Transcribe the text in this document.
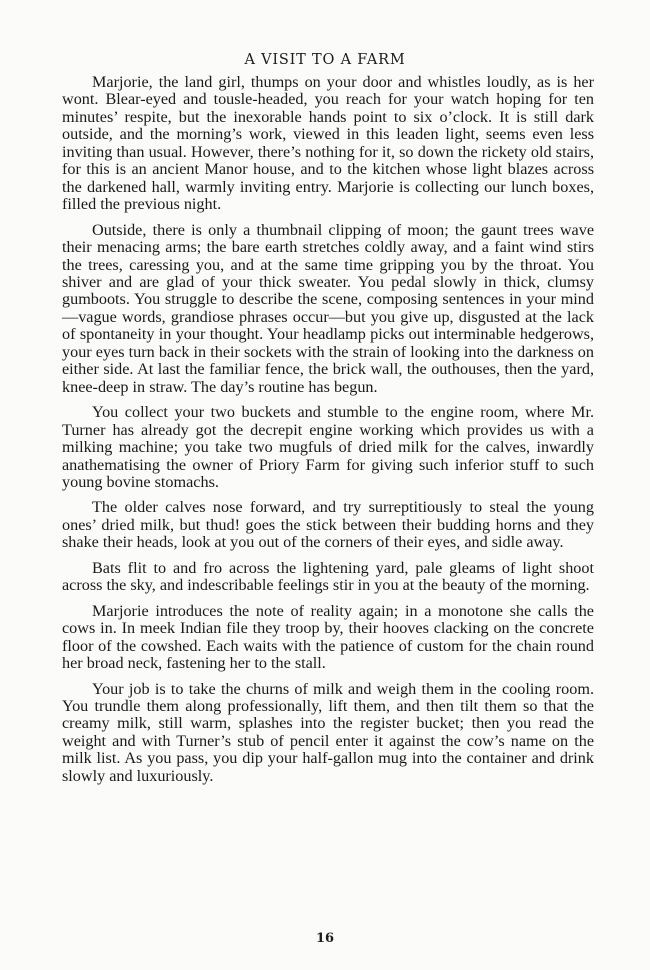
A VISIT TO A FARM

Marjorie, the land girl, thumps on your door and whistles loudly, as is her wont. Blear-eyed and tousle-headed, you reach for your watch hoping for ten minutes’ respite, but the inexorable hands point to six o’clock. It is still dark outside, and the morning’s work, viewed in this leaden light, seems even less inviting than usual. However, there’s nothing for it, so down the rickety old stairs, for this is an ancient Manor house, and to the kitchen whose light blazes across the darkened hall, warmly inviting entry. Marjorie is collecting our lunch boxes, filled the previous night.

Outside, there is only a thumbnail clipping of moon; the gaunt trees wave their menacing arms; the bare earth stretches coldly away, and a faint wind stirs the trees, caressing you, and at the same time gripping you by the throat. You shiver and are glad of your thick sweater. You pedal slowly in thick, clumsy gumboots. You struggle to describe the scene, composing sentences in your mind—vague words, grandiose phrases occur—but you give up, disgusted at the lack of spontaneity in your thought. Your headlamp picks out interminable hedgerows, your eyes turn back in their sockets with the strain of looking into the darkness on either side. At last the familiar fence, the brick wall, the outhouses, then the yard, knee-deep in straw. The day’s routine has begun.

You collect your two buckets and stumble to the engine room, where Mr. Turner has already got the decrepit engine working which provides us with a milking machine; you take two mugfuls of dried milk for the calves, inwardly anathematising the owner of Priory Farm for giving such inferior stuff to such young bovine stomachs.

The older calves nose forward, and try surreptitiously to steal the young ones’ dried milk, but thud! goes the stick between their budding horns and they shake their heads, look at you out of the corners of their eyes, and sidle away.

Bats flit to and fro across the lightening yard, pale gleams of light shoot across the sky, and indescribable feelings stir in you at the beauty of the morning.

Marjorie introduces the note of reality again; in a monotone she calls the cows in. In meek Indian file they troop by, their hooves clacking on the concrete floor of the cowshed. Each waits with the patience of custom for the chain round her broad neck, fastening her to the stall.

Your job is to take the churns of milk and weigh them in the cooling room. You trundle them along professionally, lift them, and then tilt them so that the creamy milk, still warm, splashes into the register bucket; then you read the weight and with Turner’s stub of pencil enter it against the cow’s name on the milk list. As you pass, you dip your half-gallon mug into the container and drink slowly and luxuriously.

16
